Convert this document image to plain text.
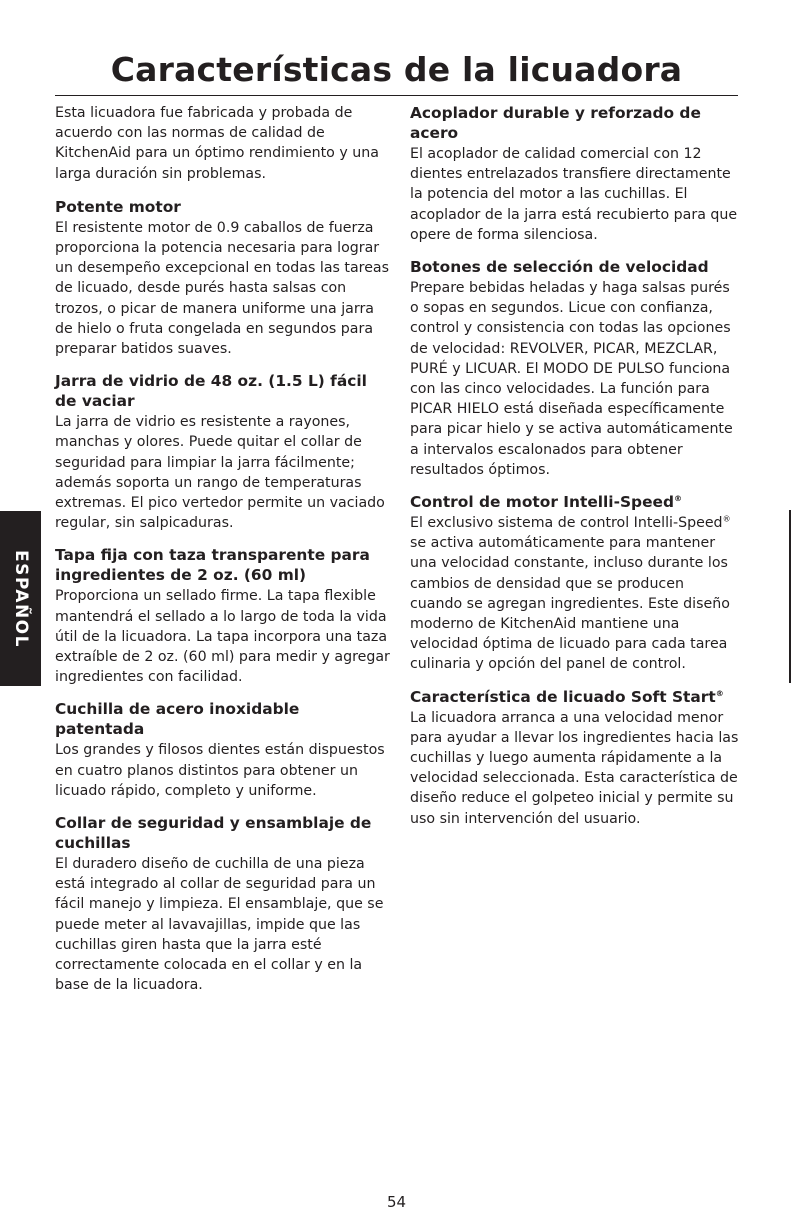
Características de la licuadora

Esta licuadora fue fabricada y probada de acuerdo con las normas de calidad de KitchenAid para un óptimo rendimiento y una larga duración sin problemas.

Potente motor

El resistente motor de 0.9 caballos de fuerza proporciona la potencia necesaria para lograr un desempeño excepcional en todas las tareas de licuado, desde purés hasta salsas con trozos, o picar de manera uniforme una jarra de hielo o fruta congelada en segundos para preparar batidos suaves.

Jarra de vidrio de 48 oz. (1.5 L) fácil de vaciar

La jarra de vidrio es resistente a rayones, manchas y olores. Puede quitar el collar de seguridad para limpiar la jarra fácilmente; además soporta un rango de temperaturas extremas. El pico vertedor permite un vaciado regular, sin salpicaduras.

Tapa fija con taza transparente para ingredientes de 2 oz. (60 ml)

Proporciona un sellado firme. La tapa flexible mantendrá el sellado a lo largo de toda la vida útil de la licuadora. La tapa incorpora una taza extraíble de 2 oz. (60 ml) para medir y agregar ingredientes con facilidad.

Cuchilla de acero inoxidable patentada

Los grandes y filosos dientes están dispuestos en cuatro planos distintos para obtener un licuado rápido, completo y uniforme.

Collar de seguridad y ensamblaje de cuchillas

El duradero diseño de cuchilla de una pieza está integrado al collar de seguridad para un fácil manejo y limpieza. El ensamblaje, que se puede meter al lavavajillas, impide que las cuchillas giren hasta que la jarra esté correctamente colocada en el collar y en la base de la licuadora.

Acoplador durable y reforzado de acero

El acoplador de calidad comercial con 12 dientes entrelazados transfiere directamente la potencia del motor a las cuchillas. El acoplador de la jarra está recubierto para que opere de forma silenciosa.

Botones de selección de velocidad

Prepare bebidas heladas y haga salsas purés o sopas en segundos. Licue con confianza, control y consistencia con todas las opciones de velocidad: REVOLVER, PICAR, MEZCLAR, PURÉ y LICUAR. El MODO DE PULSO funciona con las cinco velocidades. La función para PICAR HIELO está diseñada específicamente para picar hielo y se activa automáticamente a intervalos escalonados para obtener resultados óptimos.

Control de motor Intelli-Speed®

El exclusivo sistema de control Intelli-Speed® se activa automáticamente para mantener una velocidad constante, incluso durante los cambios de densidad que se producen cuando se agregan ingredientes. Este diseño moderno de KitchenAid mantiene una velocidad óptima de licuado para cada tarea culinaria y opción del panel de control.

Característica de licuado Soft Start®

La licuadora arranca a una velocidad menor para ayudar a llevar los ingredientes hacia las cuchillas y luego aumenta rápidamente a la velocidad seleccionada. Esta característica de diseño reduce el golpeteo inicial y permite su uso sin intervención del usuario.

ESPAÑOL
54
